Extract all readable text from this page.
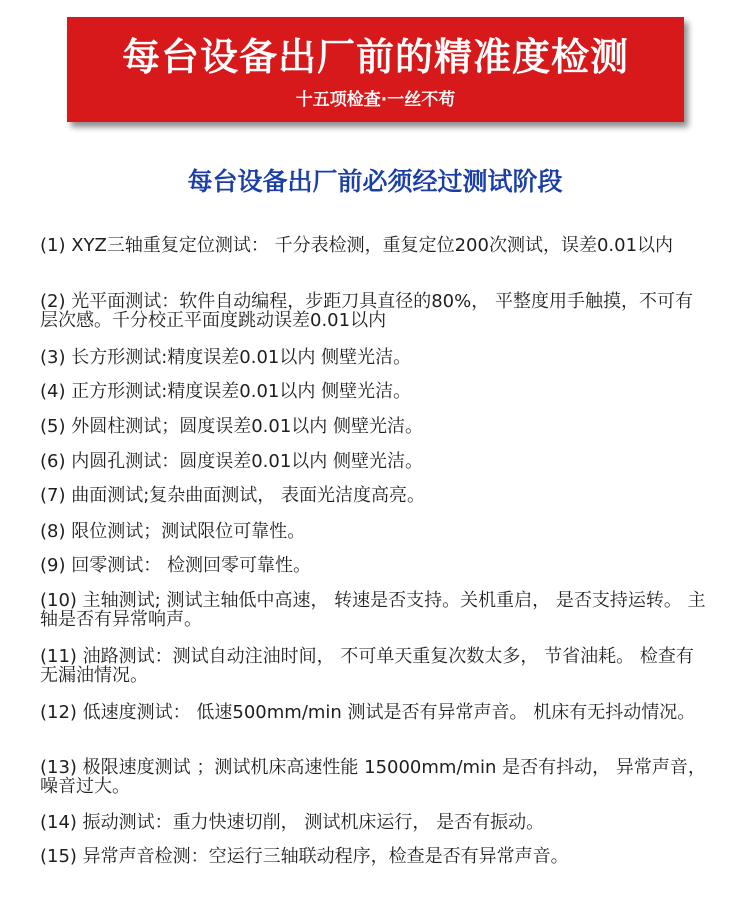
每台设备出厂前的精准度检测
十五项检查·一丝不苟
每台设备出厂前必须经过测试阶段
(1) XYZ三轴重复定位测试： 千分表检测，重复定位200次测试，误差0.01以内
(2) 光平面测试：软件自动编程，步距刀具直径的80%， 平整度用手触摸，不可有层次感。千分校正平面度跳动误差0.01以内
(3) 长方形测试:精度误差0.01以内 侧壁光洁。
(4) 正方形测试:精度误差0.01以内 侧壁光洁。
(5) 外圆柱测试；圆度误差0.01以内 侧壁光洁。
(6) 内圆孔测试：圆度误差0.01以内 侧壁光洁。
(7) 曲面测试;复杂曲面测试， 表面光洁度高亮。
(8) 限位测试；测试限位可靠性。
(9) 回零测试： 检测回零可靠性。
(10) 主轴测试; 测试主轴低中高速， 转速是否支持。关机重启， 是否支持运转。 主轴是否有异常响声。
(11) 油路测试：测试自动注油时间， 不可单天重复次数太多， 节省油耗。 检查有无漏油情况。
(12) 低速度测试： 低速500mm/min 测试是否有异常声音。 机床有无抖动情况。
(13) 极限速度测试 ；测试机床高速性能 15000mm/min 是否有抖动， 异常声音， 噪音过大。
(14) 振动测试：重力快速切削， 测试机床运行， 是否有振动。
(15) 异常声音检测：空运行三轴联动程序，检查是否有异常声音。
